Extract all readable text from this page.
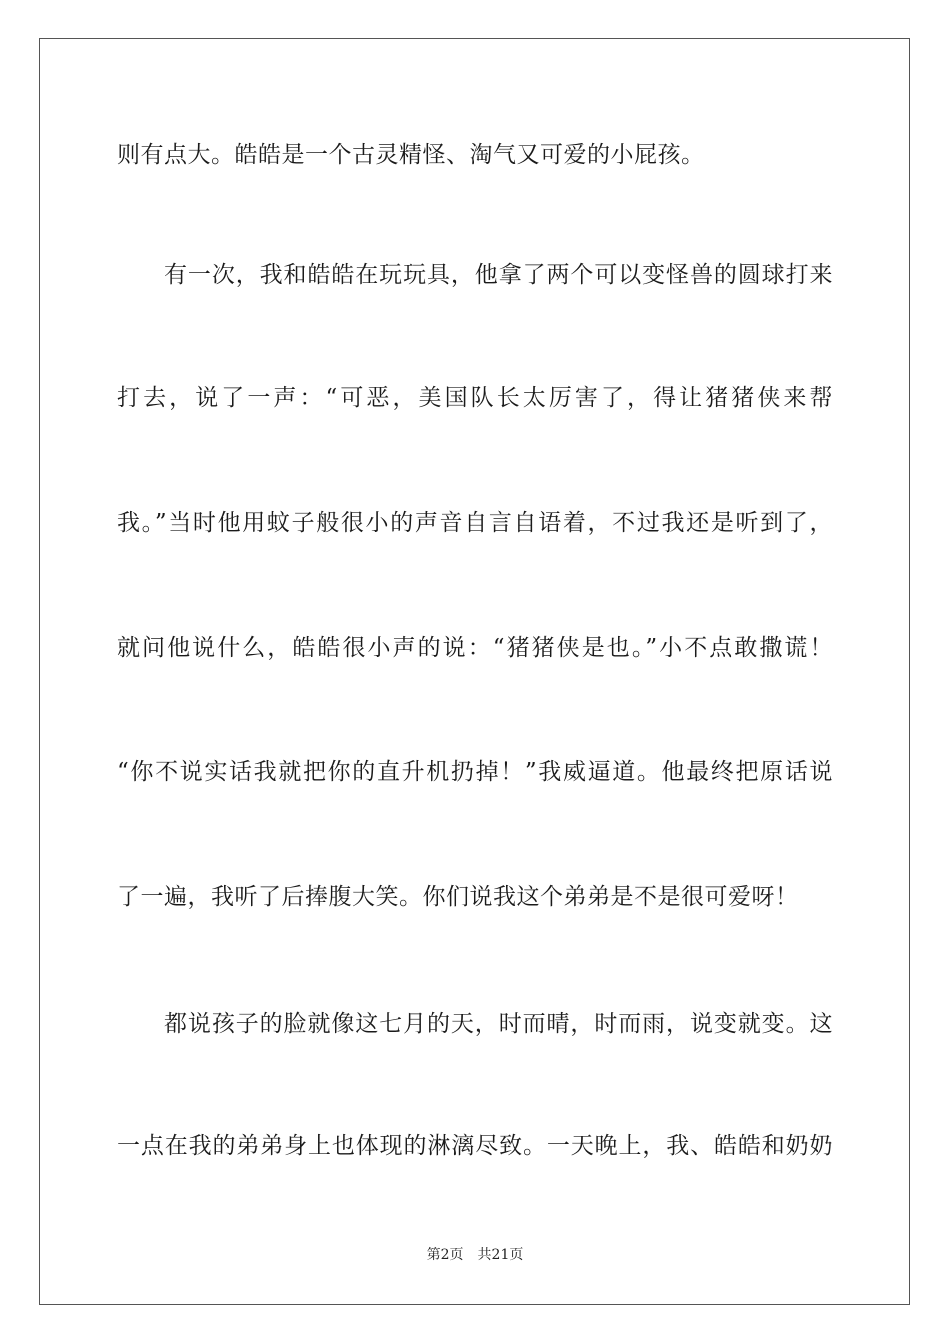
则有点大。皓皓是一个古灵精怪、淘气又可爱的小屁孩。
有一次，我和皓皓在玩玩具，他拿了两个可以变怪兽的圆球打来
打去，说了一声：“可恶，美国队长太厉害了，得让猪猪侠来帮
我。”当时他用蚊子般很小的声音自言自语着，不过我还是听到了，
就问他说什么，皓皓很小声的说：“猪猪侠是也。”小不点敢撒谎！
“你不说实话我就把你的直升机扔掉！”我威逼道。他最终把原话说
了一遍，我听了后捧腹大笑。你们说我这个弟弟是不是很可爱呀！
都说孩子的脸就像这七月的天，时而晴，时而雨，说变就变。这
一点在我的弟弟身上也体现的淋漓尽致。一天晚上，我、皓皓和奶奶
第2页 共21页
